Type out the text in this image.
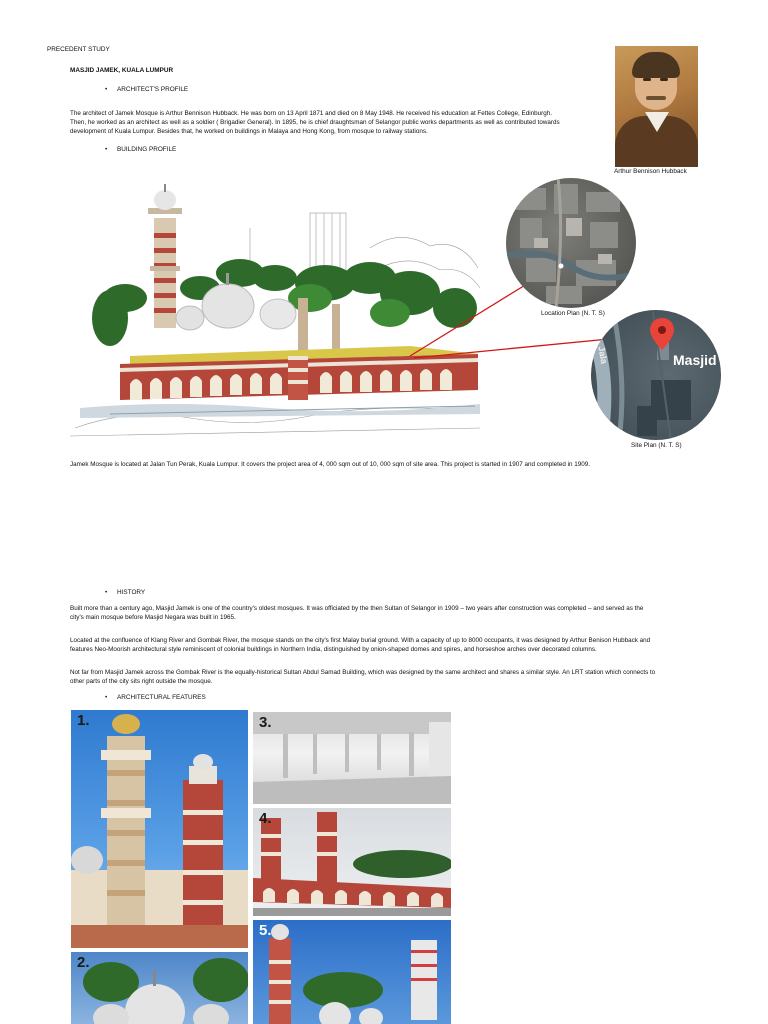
PRECEDENT STUDY
MASJID JAMEK, KUALA LUMPUR
• ARCHITECT'S PROFILE
The architect of Jamek Mosque is Arthur Bennison Hubback. He was born on 13 April 1871 and died on 8 May 1948. He received his education at Fettes College, Edinburgh.
Then, he worked as an architect as well as a soldier ( Brigadier General). In 1895, he is chief draughtsman of Selangor public works departments as well as contributed towards
development of Kuala Lumpur. Besides that, he worked on buildings in Malaya and Hong Kong, from mosque to railway stations.
Arthur Bennison Hubback
• BUILDING PROFILE
Location Plan (N. T. S)
Masjid
Jala
Site Plan (N. T. S)
Jamek Mosque is located at Jalan Tun Perak, Kuala Lumpur. It covers the project area of 4, 000 sqm out of 10, 000 sqm of site area. This project is started in 1907 and completed in 1909.
• HISTORY
Built more than a century ago, Masjid Jamek is one of the country's oldest mosques. It was officiated by the then Sultan of Selangor in 1909 – two years after construction was completed – and served as the
city's main mosque before Masjid Negara was built in 1965.
Located at the confluence of Klang River and Gombak River, the mosque stands on the city's first Malay burial ground. With a capacity of up to 8000 occupants, it was designed by Arthur Benison Hubback and
features Neo-Moorish architectural style reminiscent of colonial buildings in Northern India, distinguished by onion-shaped domes and spires, and horseshoe arches over decorated columns.
Not far from Masjid Jamek across the Gombak River is the equally-historical Sultan Abdul Samad Building, which was designed by the same architect and shares a similar style. An LRT station which connects to
other parts of the city sits right outside the mosque.
• ARCHITECTURAL FEATURES
1.
2.
3.
4.
5.
